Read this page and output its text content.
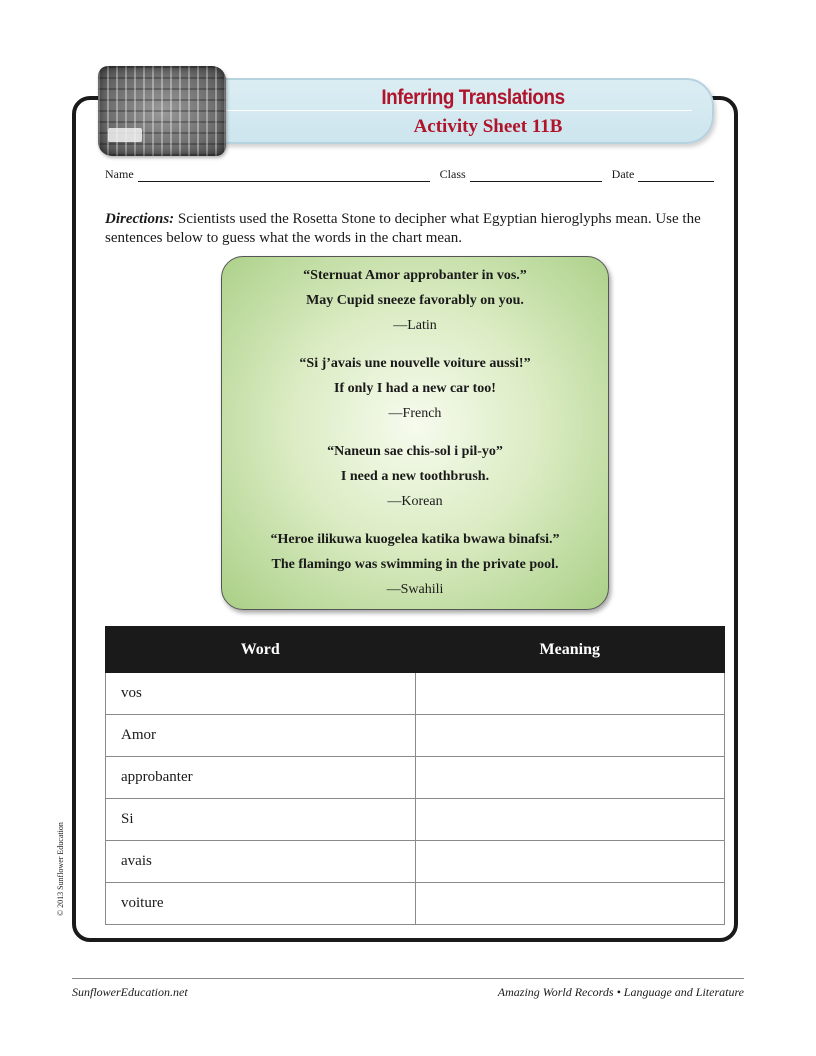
Inferring Translations
Activity Sheet 11B
Name	Class	Date
Directions: Scientists used the Rosetta Stone to decipher what Egyptian hieroglyphs mean. Use the sentences below to guess what the words in the chart mean.
“Sternuat Amor approbanter in vos.”
May Cupid sneeze favorably on you.
—Latin
“Si j’avais une nouvelle voiture aussi!”
If only I had a new car too!
—French
“Naneun sae chis-sol i pil-yo”
I need a new toothbrush.
—Korean
“Heroe ilikuwa kuogelea katika bwawa binafsi.”
The flamingo was swimming in the private pool.
—Swahili
Word	Meaning
vos	
Amor	
approbanter	
Si	
avais	
voiture	
© 2013 Sunflower Education
SunflowerEducation.net	Amazing World Records • Language and Literature
